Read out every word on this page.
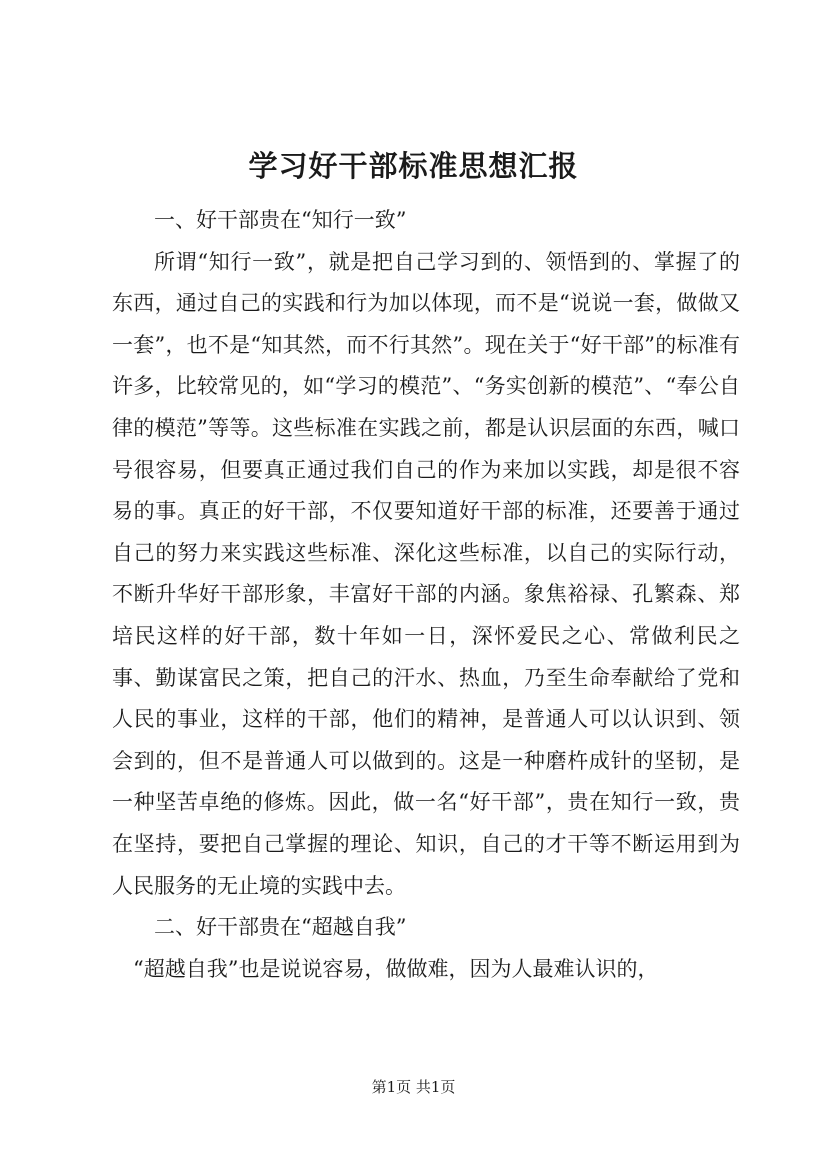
学习好干部标准思想汇报

一、好干部贵在“知行一致”

所谓“知行一致”，就是把自己学习到的、领悟到的、掌握了的东西，通过自己的实践和行为加以体现，而不是“说说一套，做做又一套”，也不是“知其然，而不行其然”。现在关于“好干部”的标准有许多，比较常见的，如“学习的模范”、“务实创新的模范”、“奉公自律的模范”等等。这些标准在实践之前，都是认识层面的东西，喊口号很容易，但要真正通过我们自己的作为来加以实践，却是很不容易的事。真正的好干部，不仅要知道好干部的标准，还要善于通过自己的努力来实践这些标准、深化这些标准，以自己的实际行动，不断升华好干部形象，丰富好干部的内涵。象焦裕禄、孔繁森、郑培民这样的好干部，数十年如一日，深怀爱民之心、常做利民之事、勤谋富民之策，把自己的汗水、热血，乃至生命奉献给了党和人民的事业，这样的干部，他们的精神，是普通人可以认识到、领会到的，但不是普通人可以做到的。这是一种磨杵成针的坚韧，是一种坚苦卓绝的修炼。因此，做一名“好干部”，贵在知行一致，贵在坚持，要把自己掌握的理论、知识，自己的才干等不断运用到为人民服务的无止境的实践中去。

二、好干部贵在“超越自我”

“超越自我”也是说说容易，做做难，因为人最难认识的，

第1页 共1页
